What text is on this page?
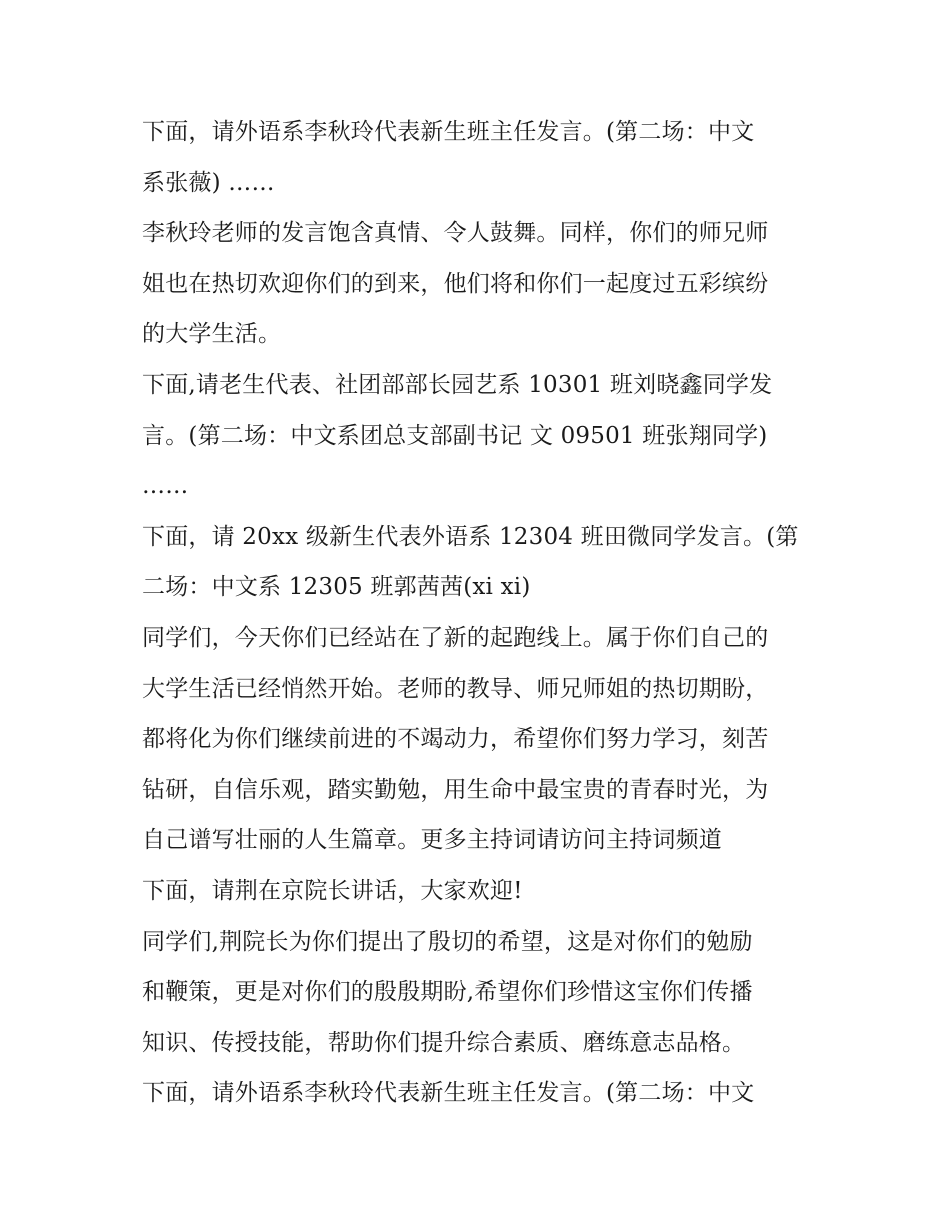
下面，请外语系李秋玲代表新生班主任发言。(第二场：中文
系张薇) ……

李秋玲老师的发言饱含真情、令人鼓舞。同样，你们的师兄师
姐也在热切欢迎你们的到来，他们将和你们一起度过五彩缤纷
的大学生活。

下面,请老生代表、社团部部长园艺系 10301 班刘晓鑫同学发
言。(第二场：中文系团总支部副书记 文 09501 班张翔同学)
……

下面，请 20xx 级新生代表外语系 12304 班田微同学发言。(第
二场：中文系 12305 班郭茜茜(xi xi)

同学们，今天你们已经站在了新的起跑线上。属于你们自己的
大学生活已经悄然开始。老师的教导、师兄师姐的热切期盼，
都将化为你们继续前进的不竭动力，希望你们努力学习，刻苦
钻研，自信乐观，踏实勤勉，用生命中最宝贵的青春时光，为
自己谱写壮丽的人生篇章。更多主持词请访问主持词频道

下面，请荆在京院长讲话，大家欢迎!

同学们,荆院长为你们提出了殷切的希望，这是对你们的勉励
和鞭策，更是对你们的殷殷期盼,希望你们珍惜这宝你们传播
知识、传授技能，帮助你们提升综合素质、磨练意志品格。

下面，请外语系李秋玲代表新生班主任发言。(第二场：中文
